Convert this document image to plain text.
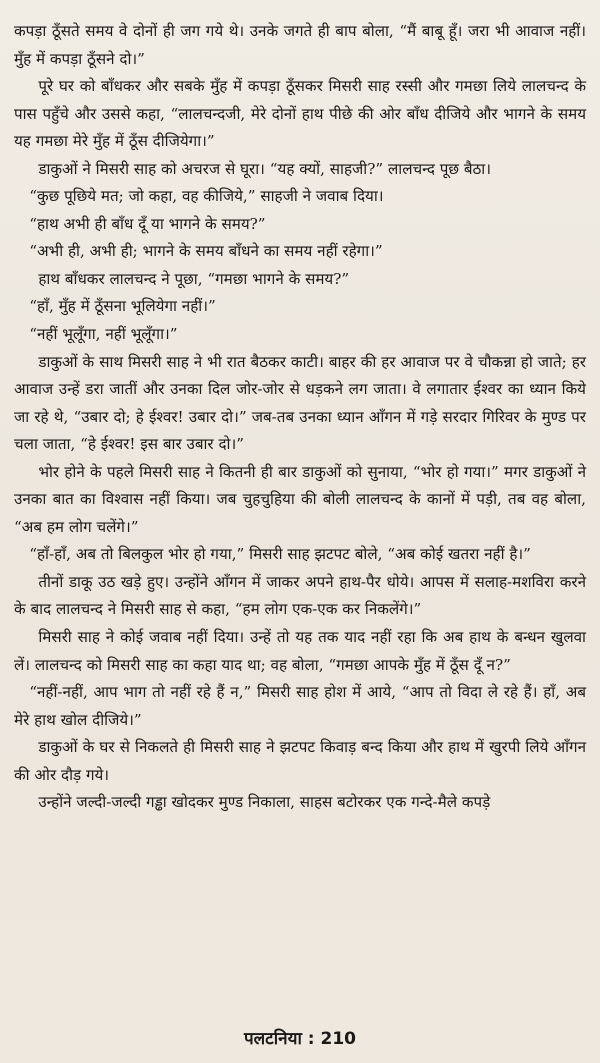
कपड़ा ठूँसते समय वे दोनों ही जग गये थे। उनके जगते ही बाप बोला, “मैं बाबू हूँ। जरा भी आवाज नहीं। मुँह में कपड़ा ठूँसने दो।”

पूरे घर को बाँधकर और सबके मुँह में कपड़ा ठूँसकर मिसरी साह रस्सी और गमछा लिये लालचन्द के पास पहुँचे और उससे कहा, “लालचन्दजी, मेरे दोनों हाथ पीछे की ओर बाँध दीजिये और भागने के समय यह गमछा मेरे मुँह में ठूँस दीजियेगा।”

डाकुओं ने मिसरी साह को अचरज से घूरा। “यह क्यों, साहजी?” लालचन्द पूछ बैठा।

“कुछ पूछिये मत; जो कहा, वह कीजिये,” साहजी ने जवाब दिया।

“हाथ अभी ही बाँध दूँ या भागने के समय?”

“अभी ही, अभी ही; भागने के समय बाँधने का समय नहीं रहेगा।”

हाथ बाँधकर लालचन्द ने पूछा, “गमछा भागने के समय?”

“हाँ, मुँह में ठूँसना भूलियेगा नहीं।”

“नहीं भूलूँगा, नहीं भूलूँगा।”

डाकुओं के साथ मिसरी साह ने भी रात बैठकर काटी। बाहर की हर आवाज पर वे चौकन्ना हो जाते; हर आवाज उन्हें डरा जातीं और उनका दिल जोर-जोर से धड़कने लग जाता। वे लगातार ईश्वर का ध्यान किये जा रहे थे, “उबार दो; हे ईश्वर! उबार दो।” जब-तब उनका ध्यान आँगन में गड़े सरदार गिरिवर के मुण्ड पर चला जाता, “हे ईश्वर! इस बार उबार दो।”

भोर होने के पहले मिसरी साह ने कितनी ही बार डाकुओं को सुनाया, “भोर हो गया।” मगर डाकुओं ने उनका बात का विश्वास नहीं किया। जब चुहचुहिया की बोली लालचन्द के कानों में पड़ी, तब वह बोला, “अब हम लोग चलेंगे।”

“हाँ-हाँ, अब तो बिलकुल भोर हो गया,” मिसरी साह झटपट बोले, “अब कोई खतरा नहीं है।”

तीनों डाकू उठ खड़े हुए। उन्होंने आँगन में जाकर अपने हाथ-पैर धोये। आपस में सलाह-मशविरा करने के बाद लालचन्द ने मिसरी साह से कहा, “हम लोग एक-एक कर निकलेंगे।”

मिसरी साह ने कोई जवाब नहीं दिया। उन्हें तो यह तक याद नहीं रहा कि अब हाथ के बन्धन खुलवा लें। लालचन्द को मिसरी साह का कहा याद था; वह बोला, “गमछा आपके मुँह में ठूँस दूँ न?”

“नहीं-नहीं, आप भाग तो नहीं रहे हैं न,” मिसरी साह होश में आये, “आप तो विदा ले रहे हैं। हाँ, अब मेरे हाथ खोल दीजिये।”

डाकुओं के घर से निकलते ही मिसरी साह ने झटपट किवाड़ बन्द किया और हाथ में खुरपी लिये आँगन की ओर दौड़ गये।

उन्होंने जल्दी-जल्दी गड्ढा खोदकर मुण्ड निकाला, साहस बटोरकर एक गन्दे-मैले कपड़े

पलटनिया : 210
